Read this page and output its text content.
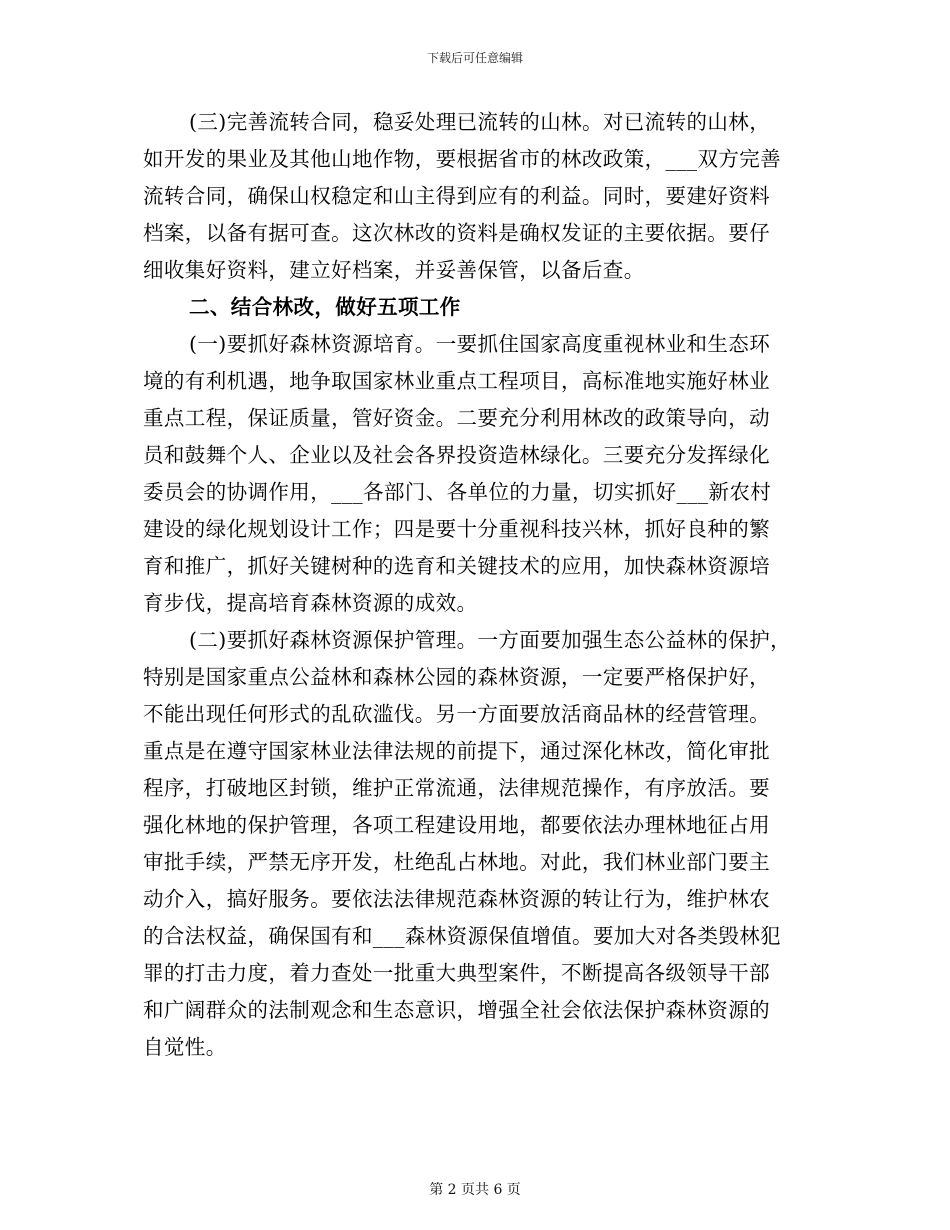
下载后可任意编辑

(三)完善流转合同，稳妥处理已流转的山林。对已流转的山林，
如开发的果业及其他山地作物，要根据省市的林改政策，___双方完善
流转合同，确保山权稳定和山主得到应有的利益。同时，要建好资料
档案，以备有据可查。这次林改的资料是确权发证的主要依据。要仔
细收集好资料，建立好档案，并妥善保管，以备后查。

二、结合林改，做好五项工作

(一)要抓好森林资源培育。一要抓住国家高度重视林业和生态环
境的有利机遇，地争取国家林业重点工程项目，高标准地实施好林业
重点工程，保证质量，管好资金。二要充分利用林改的政策导向，动
员和鼓舞个人、企业以及社会各界投资造林绿化。三要充分发挥绿化
委员会的协调作用，___各部门、各单位的力量，切实抓好___新农村
建设的绿化规划设计工作；四是要十分重视科技兴林，抓好良种的繁
育和推广，抓好关键树种的选育和关键技术的应用，加快森林资源培
育步伐，提高培育森林资源的成效。

(二)要抓好森林资源保护管理。一方面要加强生态公益林的保护，
特别是国家重点公益林和森林公园的森林资源，一定要严格保护好，
不能出现任何形式的乱砍滥伐。另一方面要放活商品林的经营管理。
重点是在遵守国家林业法律法规的前提下，通过深化林改，简化审批
程序，打破地区封锁，维护正常流通，法律规范操作，有序放活。要
强化林地的保护管理，各项工程建设用地，都要依法办理林地征占用
审批手续，严禁无序开发，杜绝乱占林地。对此，我们林业部门要主
动介入，搞好服务。要依法法律规范森林资源的转让行为，维护林农
的合法权益，确保国有和___森林资源保值增值。要加大对各类毁林犯
罪的打击力度，着力查处一批重大典型案件，不断提高各级领导干部
和广阔群众的法制观念和生态意识，增强全社会依法保护森林资源的
自觉性。

第 2 页共 6 页
